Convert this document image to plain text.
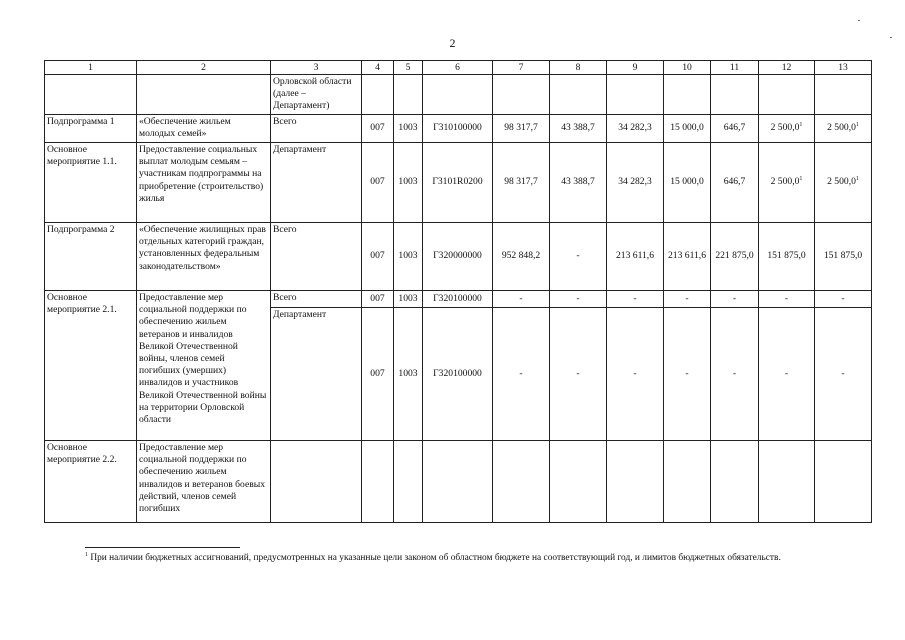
2
1	2	3	4	5	6	7	8	9	10	11	12	13
		Орловской области (далее – Департамент)										
Подпрограмма 1	«Обеспечение жильем молодых семей»	Всего	007	1003	Г310100000	98 317,7	43 388,7	34 282,3	15 000,0	646,7	2 500,0$^1$	2 500,0$^1$
Основное мероприятие 1.1.	Предоставление социальных выплат молодым семьям – участникам подпрограммы на приобретение (строительство) жилья	Департамент	007	1003	Г3101R0200	98 317,7	43 388,7	34 282,3	15 000,0	646,7	2 500,0$^1$	2 500,0$^1$
Подпрограмма 2	«Обеспечение жилищных прав отдельных категорий граждан, установленных федеральным законодательством»	Всего	007	1003	Г320000000	952 848,2	-	213 611,6	213 611,6	221 875,0	151 875,0	151 875,0
Основное мероприятие 2.1.	Предоставление мер социальной поддержки по обеспечению жильем ветеранов и инвалидов Великой Отечественной войны, членов семей погибших (умерших) инвалидов и участников Великой Отечественной войны на территории Орловской области	Всего	007	1003	Г320100000	-	-	-	-	-	-	-
		Департамент	007	1003	Г320100000	-	-	-	-	-	-	-
Основное мероприятие 2.2.	Предоставление мер социальной поддержки по обеспечению жильем инвалидов и ветеранов боевых действий, членов семей погибших											
$^1$ При наличии бюджетных ассигнований, предусмотренных на указанные цели законом об областном бюджете на соответствующий год, и лимитов бюджетных обязательств.
